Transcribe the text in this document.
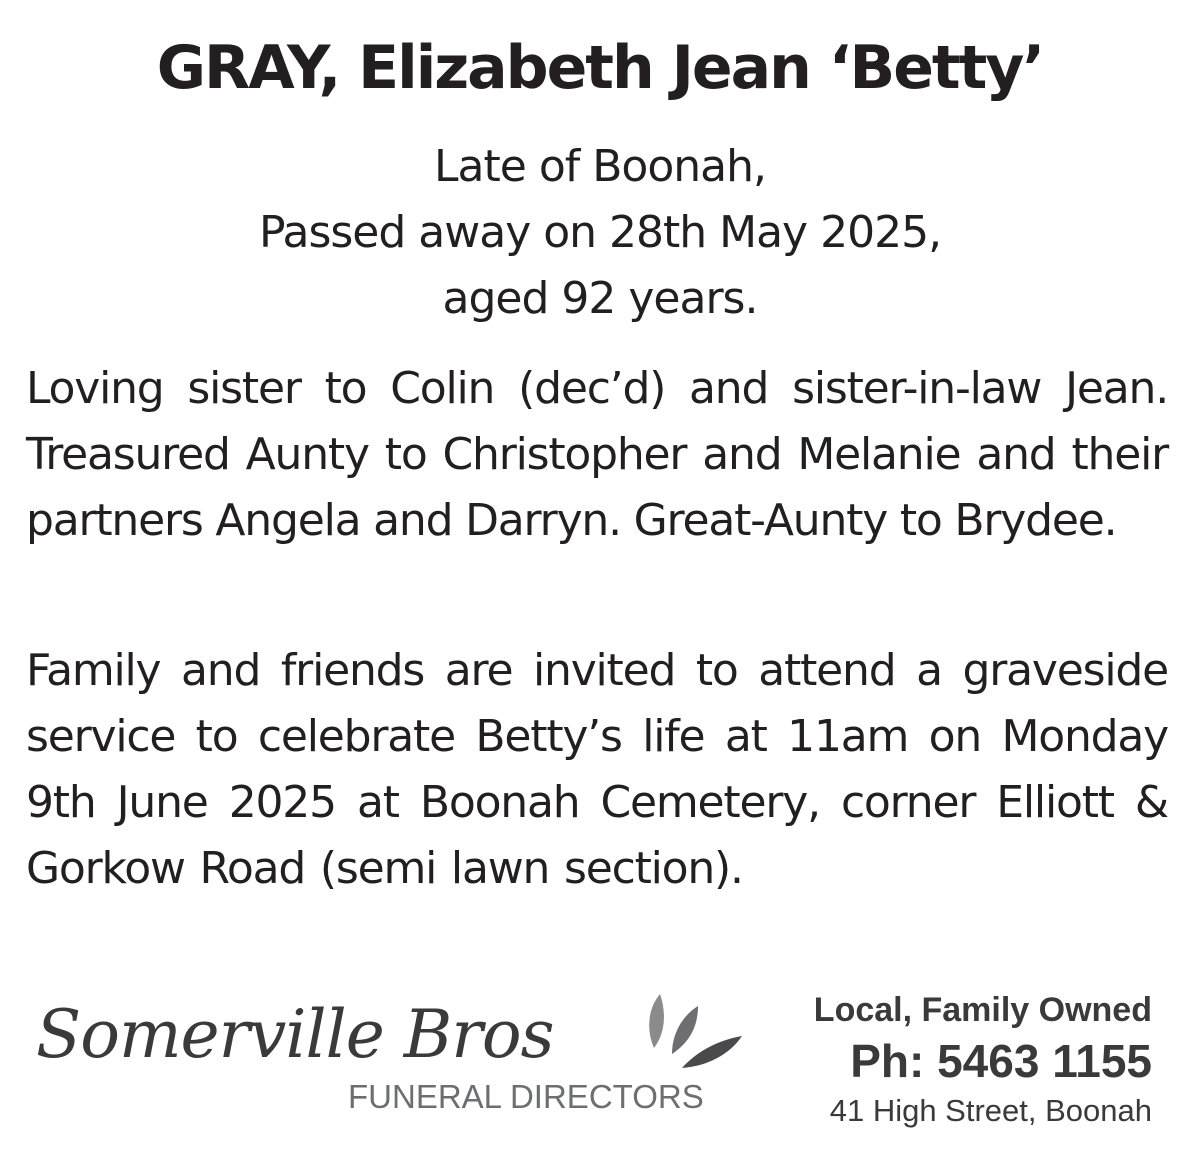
GRAY, Elizabeth Jean ‘Betty’
Late of Boonah,
Passed away on 28th May 2025,
aged 92 years.
Loving sister to Colin (dec’d) and sister-in-law Jean. Treasured Aunty to Christopher and Melanie and their partners Angela and Darryn. Great-Aunty to Brydee.
Family and friends are invited to attend a graveside service to celebrate Betty’s life at 11am on Monday 9th June 2025 at Boonah Cemetery, corner Elliott & Gorkow Road (semi lawn section).
Somerville Bros
FUNERAL DIRECTORS
Local, Family Owned
Ph: 5463 1155
41 High Street, Boonah
